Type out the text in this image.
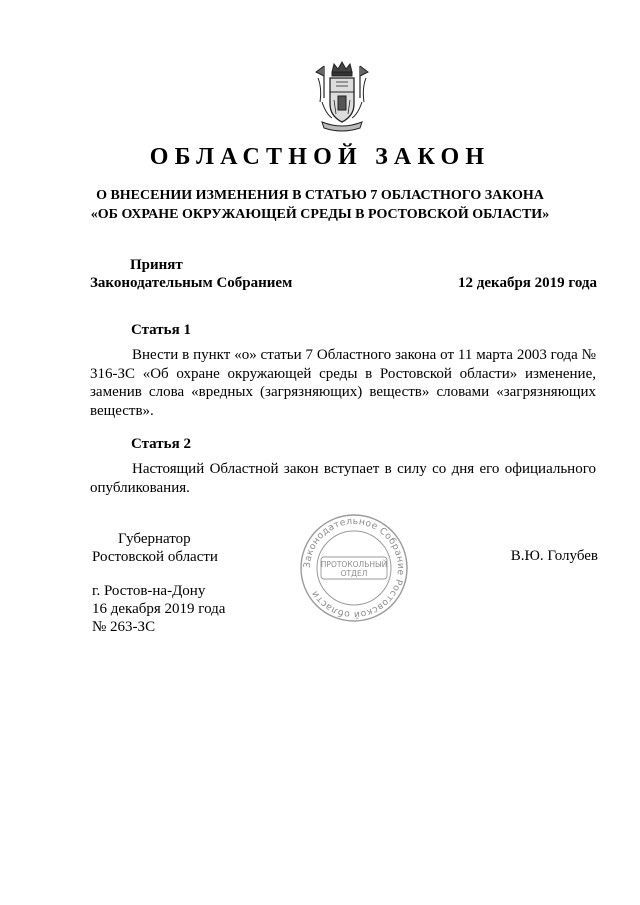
ОБЛАСТНОЙ ЗАКОН
О ВНЕСЕНИИ ИЗМЕНЕНИЯ В СТАТЬЮ 7 ОБЛАСТНОГО ЗАКОНА
«ОБ ОХРАНЕ ОКРУЖАЮЩЕЙ СРЕДЫ В РОСТОВСКОЙ ОБЛАСТИ»
Принят
Законодательным Собранием	12 декабря 2019 года
Статья 1
Внести в пункт «о» статьи 7 Областного закона от 11 марта 2003 года № 316-ЗС «Об охране окружающей среды в Ростовской области» изменение, заменив слова «вредных (загрязняющих) веществ» словами «загрязняющих веществ».
Статья 2
Настоящий Областной закон вступает в силу со дня его официального опубликования.
Губернатор
Ростовской области	В.Ю. Голубев
Законодательное Собрание Ростовской области
ПРОТОКОЛЬНЫЙ
ОТДЕЛ
г. Ростов-на-Дону
16 декабря 2019 года
№ 263-ЗС
